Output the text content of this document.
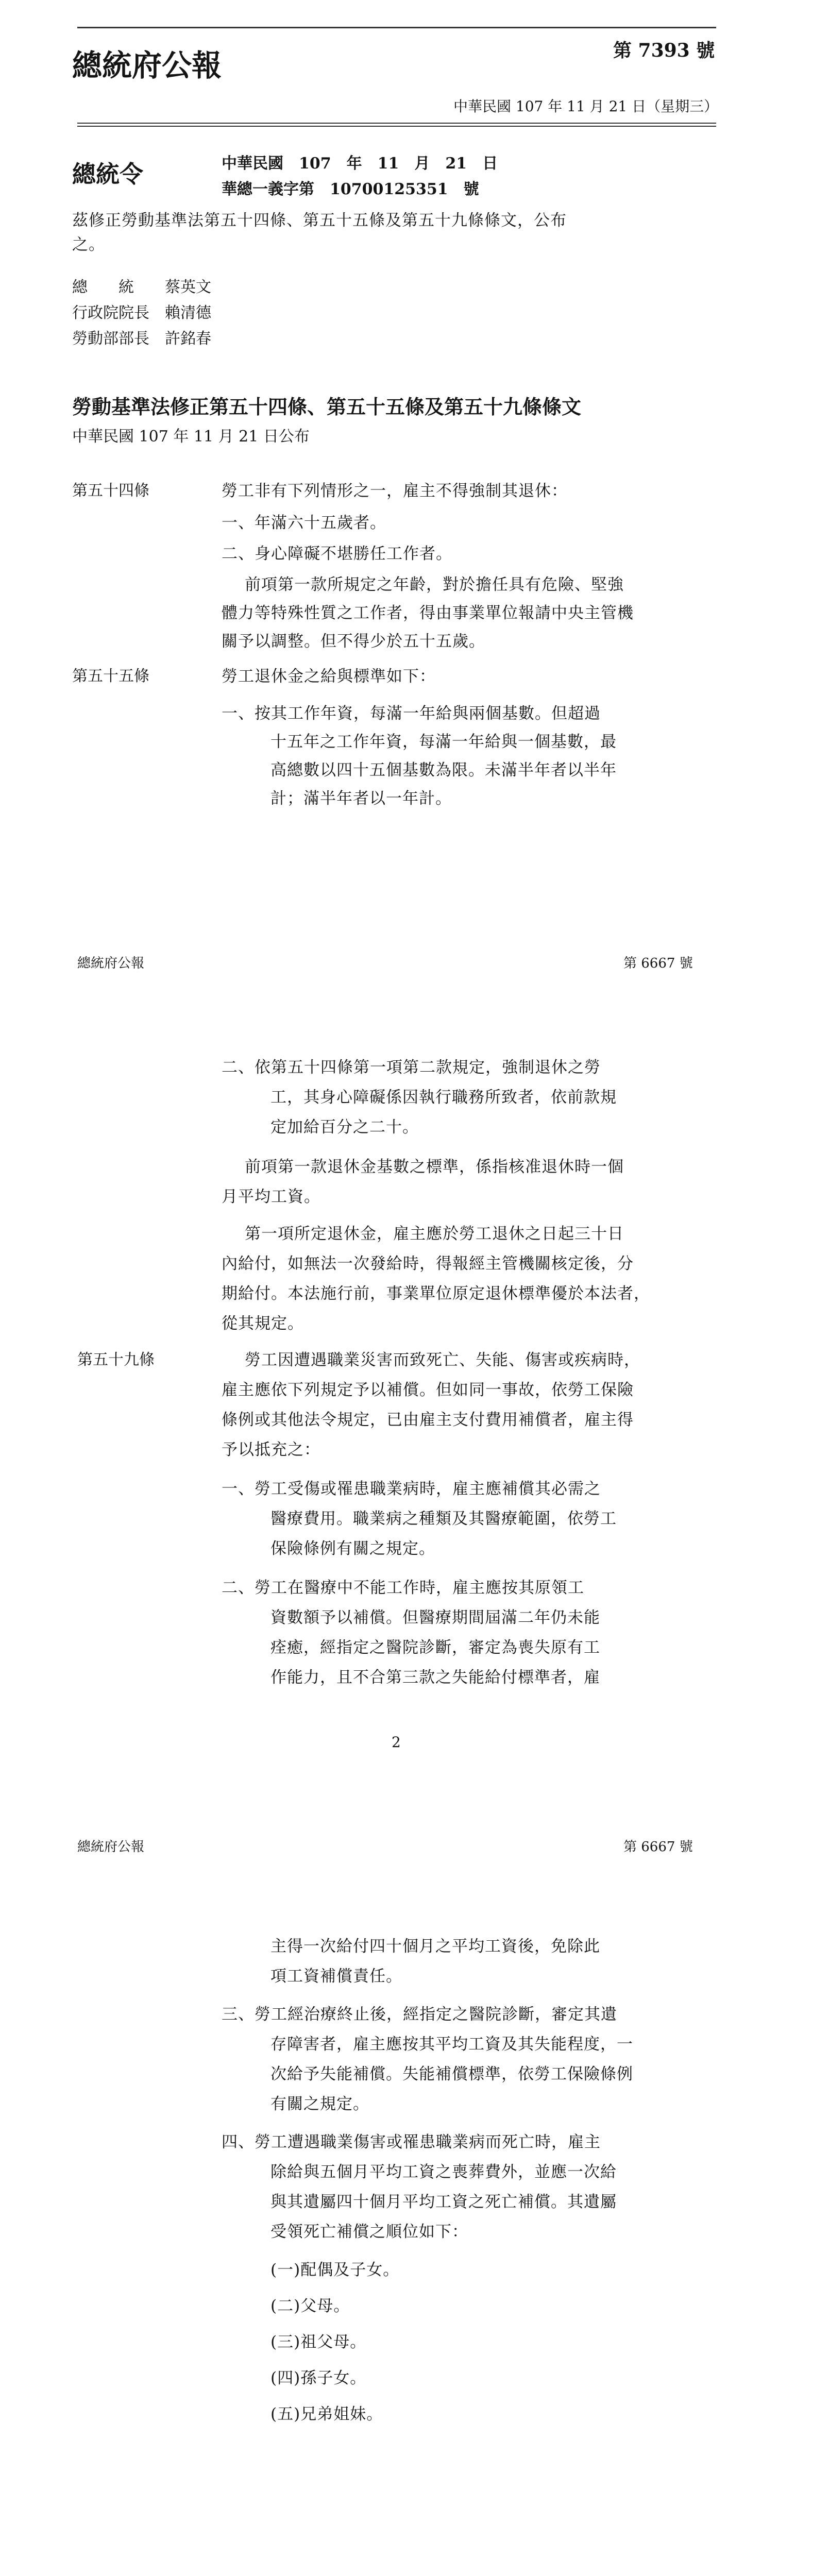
總統府公報	第 7393 號
中華民國 107 年 11 月 21 日（星期三）
總統令	中華民國　107　年　11　月　21　日
華總一義字第　10700125351　號
茲修正勞動基準法第五十四條、第五十五條及第五十九條條文，公布
之。
總　　統 蔡英文
行政院院長 賴清德
勞動部部長 許銘春
勞動基準法修正第五十四條、第五十五條及第五十九條條文
中華民國 107 年 11 月 21 日公布
第五十四條	勞工非有下列情形之一，雇主不得強制其退休：
一、年滿六十五歲者。
二、身心障礙不堪勝任工作者。
前項第一款所規定之年齡，對於擔任具有危險、堅強
體力等特殊性質之工作者，得由事業單位報請中央主管機
關予以調整。但不得少於五十五歲。
第五十五條	勞工退休金之給與標準如下：
一、按其工作年資，每滿一年給與兩個基數。但超過
十五年之工作年資，每滿一年給與一個基數，最
高總數以四十五個基數為限。未滿半年者以半年
計；滿半年者以一年計。
總統府公報	第 6667 號
二、依第五十四條第一項第二款規定，強制退休之勞
工，其身心障礙係因執行職務所致者，依前款規
定加給百分之二十。
前項第一款退休金基數之標準，係指核准退休時一個
月平均工資。
第一項所定退休金，雇主應於勞工退休之日起三十日
內給付，如無法一次發給時，得報經主管機關核定後，分
期給付。本法施行前，事業單位原定退休標準優於本法者，
從其規定。
第五十九條	勞工因遭遇職業災害而致死亡、失能、傷害或疾病時，
雇主應依下列規定予以補償。但如同一事故，依勞工保險
條例或其他法令規定，已由雇主支付費用補償者，雇主得
予以抵充之：
一、勞工受傷或罹患職業病時，雇主應補償其必需之
醫療費用。職業病之種類及其醫療範圍，依勞工
保險條例有關之規定。
二、勞工在醫療中不能工作時，雇主應按其原領工
資數額予以補償。但醫療期間屆滿二年仍未能
痊癒，經指定之醫院診斷，審定為喪失原有工
作能力，且不合第三款之失能給付標準者，雇
2
總統府公報	第 6667 號
主得一次給付四十個月之平均工資後，免除此
項工資補償責任。
三、勞工經治療終止後，經指定之醫院診斷，審定其遺
存障害者，雇主應按其平均工資及其失能程度，一
次給予失能補償。失能補償標準，依勞工保險條例
有關之規定。
四、勞工遭遇職業傷害或罹患職業病而死亡時，雇主
除給與五個月平均工資之喪葬費外，並應一次給
與其遺屬四十個月平均工資之死亡補償。其遺屬
受領死亡補償之順位如下：
(一)配偶及子女。
(二)父母。
(三)祖父母。
(四)孫子女。
(五)兄弟姐妹。
